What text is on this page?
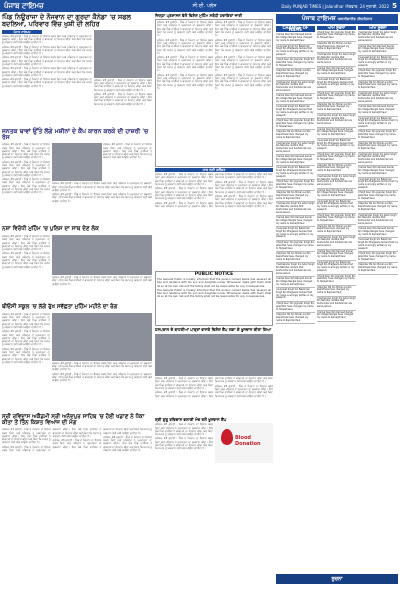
ਪੰਜਾਬ ਟਾਇਮਜ਼	ਸੀ.ਈ. ਪਲੱਸ	Daily PUNJAB TIMES | Jalandhar ਐਤਵਾਰ, 24 ਜੁਲਾਈ, 2022 5
ਪਿੰਡ ਨਿਊਰਾਜਾ ਦੇ ਨੌਜਵਾਨ ਦਾ ਗੁਰਦਾ ਕੈਨੇਡਾ 'ਚ ਸਫਲ ਬਦਲਿਆ, ਪਰਿਵਾਰ ਵਿੱਚ ਖੁਸ਼ੀ ਦੀ ਲਹਿਰ
ਪੰਜਾਬ ਟਾਇਮਜ਼

ਜਲੰਧਰ, 23 ਜੁਲਾਈ : ਪਿੰਡ ਦੇ ਨੌਜਵਾਨ ਦਾ ਇਲਾਜ ਸਫਲ ਰਿਹਾ ਅਤੇ ਪਰਿਵਾਰ ਨੇ ਪ੍ਰਮਾਤਮਾ ਦਾ ਸ਼ੁਕਰਾਨਾ ਕੀਤਾ। ਇਸ ਮੌਕੇ ਪਿੰਡ ਵਾਸੀਆਂ ਨੇ ਡਾਕਟਰਾਂ ਦਾ ਧੰਨਵਾਦ ਕੀਤਾ ਅਤੇ ਕਿਹਾ ਕਿ ਸਮਾਜ ਨੂੰ ਅੰਗਦਾਨ ਲਈ ਅੱਗੇ ਆਉਣਾ ਚਾਹੀਦਾ ਹੈ।

ਜਲੰਧਰ, 23 ਜੁਲਾਈ : ਪਿੰਡ ਦੇ ਨੌਜਵਾਨ ਦਾ ਇਲਾਜ ਸਫਲ ਰਿਹਾ ਅਤੇ ਪਰਿਵਾਰ ਨੇ ਪ੍ਰਮਾਤਮਾ ਦਾ ਸ਼ੁਕਰਾਨਾ ਕੀਤਾ। ਇਸ ਮੌਕੇ ਪਿੰਡ ਵਾਸੀਆਂ ਨੇ ਡਾਕਟਰਾਂ ਦਾ ਧੰਨਵਾਦ ਕੀਤਾ ਅਤੇ ਕਿਹਾ ਕਿ ਸਮਾਜ ਨੂੰ ਅੰਗਦਾਨ ਲਈ ਅੱਗੇ ਆਉਣਾ ਚਾਹੀਦਾ ਹੈ।

ਜਲੰਧਰ, 23 ਜੁਲਾਈ : ਪਿੰਡ ਦੇ ਨੌਜਵਾਨ ਦਾ ਇਲਾਜ ਸਫਲ ਰਿਹਾ ਅਤੇ ਪਰਿਵਾਰ ਨੇ ਪ੍ਰਮਾਤਮਾ ਦਾ ਸ਼ੁਕਰਾਨਾ ਕੀਤਾ। ਇਸ ਮੌਕੇ ਪਿੰਡ ਵਾਸੀਆਂ ਨੇ ਡਾਕਟਰਾਂ ਦਾ ਧੰਨਵਾਦ ਕੀਤਾ ਅਤੇ ਕਿਹਾ ਕਿ ਸਮਾਜ ਨੂੰ ਅੰਗਦਾਨ ਲਈ ਅੱਗੇ ਆਉਣਾ ਚਾਹੀਦਾ ਹੈ।

ਜਲੰਧਰ, 23 ਜੁਲਾਈ : ਪਿੰਡ ਦੇ ਨੌਜਵਾਨ ਦਾ ਇਲਾਜ ਸਫਲ ਰਿਹਾ ਅਤੇ ਪਰਿਵਾਰ ਨੇ ਪ੍ਰਮਾਤਮਾ ਦਾ ਸ਼ੁਕਰਾਨਾ ਕੀਤਾ। ਇਸ ਮੌਕੇ ਪਿੰਡ ਵਾਸੀਆਂ ਨੇ ਡਾਕਟਰਾਂ ਦਾ ਧੰਨਵਾਦ ਕੀਤਾ ਅਤੇ ਕਿਹਾ ਕਿ ਸਮਾਜ ਨੂੰ ਅੰਗਦਾਨ ਲਈ ਅੱਗੇ ਆਉਣਾ ਚਾਹੀਦਾ ਹੈ।

ਜਲੰਧਰ, 23 ਜੁਲਾਈ : ਪਿੰਡ ਦੇ ਨੌਜਵਾਨ ਦਾ ਇਲਾਜ ਸਫਲ ਰਿਹਾ ਅਤੇ ਪਰਿਵਾਰ ਨੇ ਪ੍ਰਮਾਤਮਾ ਦਾ ਸ਼ੁਕਰਾਨਾ ਕੀਤਾ। ਇਸ ਮੌਕੇ ਪਿੰਡ ਵਾਸੀਆਂ ਨੇ ਡਾਕਟਰਾਂ ਦਾ ਧੰਨਵਾਦ ਕੀਤਾ ਅਤੇ ਕਿਹਾ ਕਿ ਸਮਾਜ ਨੂੰ ਅੰਗਦਾਨ ਲਈ ਅੱਗੇ ਆਉਣਾ ਚਾਹੀਦਾ ਹੈ।

ਜਲੰਧਰ, 23 ਜੁਲਾਈ : ਪਿੰਡ ਦੇ ਨੌਜਵਾਨ ਦਾ ਇਲਾਜ ਸਫਲ ਰਿਹਾ ਅਤੇ ਪਰਿਵਾਰ ਨੇ ਪ੍ਰਮਾਤਮਾ ਦਾ ਸ਼ੁਕਰਾਨਾ ਕੀਤਾ। ਇਸ ਮੌਕੇ ਪਿੰਡ ਵਾਸੀਆਂ ਨੇ ਡਾਕਟਰਾਂ ਦਾ ਧੰਨਵਾਦ ਕੀਤਾ ਅਤੇ ਕਿਹਾ ਕਿ ਸਮਾਜ ਨੂੰ ਅੰਗਦਾਨ ਲਈ ਅੱਗੇ ਆਉਣਾ ਚਾਹੀਦਾ ਹੈ।

ਜਲੰਧਰ, 23 ਜੁਲਾਈ : ਪਿੰਡ ਦੇ ਨੌਜਵਾਨ ਦਾ ਇਲਾਜ ਸਫਲ ਰਿਹਾ ਅਤੇ ਪਰਿਵਾਰ ਨੇ ਪ੍ਰਮਾਤਮਾ ਦਾ ਸ਼ੁਕਰਾਨਾ ਕੀਤਾ। ਇਸ ਮੌਕੇ ਪਿੰਡ ਵਾਸੀਆਂ ਨੇ ਡਾਕਟਰਾਂ ਦਾ ਧੰਨਵਾਦ ਕੀਤਾ ਅਤੇ ਕਿਹਾ ਕਿ ਸਮਾਜ ਨੂੰ ਅੰਗਦਾਨ ਲਈ ਅੱਗੇ ਆਉਣਾ ਚਾਹੀਦਾ ਹੈ।

ਜਨਤਕ ਥਾਵਾਂ ਉੱਤੇ ਲੱਗੇ ਮਸ਼ੀਨਾਂ ਦੇ ਕੈਂਪ ਕਾਰਨ ਕਰਕੇ ਦੀ ਹਾਜ਼ਰੀ 'ਚ ਰੋਸ

ਜਲੰਧਰ, 23 ਜੁਲਾਈ : ਪਿੰਡ ਦੇ ਨੌਜਵਾਨ ਦਾ ਇਲਾਜ ਸਫਲ ਰਿਹਾ ਅਤੇ ਪਰਿਵਾਰ ਨੇ ਪ੍ਰਮਾਤਮਾ ਦਾ ਸ਼ੁਕਰਾਨਾ ਕੀਤਾ। ਇਸ ਮੌਕੇ ਪਿੰਡ ਵਾਸੀਆਂ ਨੇ ਡਾਕਟਰਾਂ ਦਾ ਧੰਨਵਾਦ ਕੀਤਾ ਅਤੇ ਕਿਹਾ ਕਿ ਸਮਾਜ ਨੂੰ ਅੰਗਦਾਨ ਲਈ ਅੱਗੇ ਆਉਣਾ ਚਾਹੀਦਾ ਹੈ।

ਜਲੰਧਰ, 23 ਜੁਲਾਈ : ਪਿੰਡ ਦੇ ਨੌਜਵਾਨ ਦਾ ਇਲਾਜ ਸਫਲ ਰਿਹਾ ਅਤੇ ਪਰਿਵਾਰ ਨੇ ਪ੍ਰਮਾਤਮਾ ਦਾ ਸ਼ੁਕਰਾਨਾ ਕੀਤਾ। ਇਸ ਮੌਕੇ ਪਿੰਡ ਵਾਸੀਆਂ ਨੇ ਡਾਕਟਰਾਂ ਦਾ ਧੰਨਵਾਦ ਕੀਤਾ ਅਤੇ ਕਿਹਾ ਕਿ ਸਮਾਜ ਨੂੰ ਅੰਗਦਾਨ ਲਈ ਅੱਗੇ ਆਉਣਾ ਚਾਹੀਦਾ ਹੈ।

ਜਲੰਧਰ, 23 ਜੁਲਾਈ : ਪਿੰਡ ਦੇ ਨੌਜਵਾਨ ਦਾ ਇਲਾਜ ਸਫਲ ਰਿਹਾ ਅਤੇ ਪਰਿਵਾਰ ਨੇ ਪ੍ਰਮਾਤਮਾ ਦਾ ਸ਼ੁਕਰਾਨਾ ਕੀਤਾ। ਇਸ ਮੌਕੇ ਪਿੰਡ ਵਾਸੀਆਂ ਨੇ ਡਾਕਟਰਾਂ ਦਾ ਧੰਨਵਾਦ ਕੀਤਾ ਅਤੇ ਕਿਹਾ ਕਿ ਸਮਾਜ ਨੂੰ ਅੰਗਦਾਨ ਲਈ ਅੱਗੇ ਆਉਣਾ ਚਾਹੀਦਾ ਹੈ।

ਜਲੰਧਰ, 23 ਜੁਲਾਈ : ਪਿੰਡ ਦੇ ਨੌਜਵਾਨ ਦਾ ਇਲਾਜ ਸਫਲ ਰਿਹਾ ਅਤੇ ਪਰਿਵਾਰ ਨੇ ਪ੍ਰਮਾਤਮਾ ਦਾ ਸ਼ੁਕਰਾਨਾ ਕੀਤਾ। ਇਸ ਮੌਕੇ ਪਿੰਡ ਵਾਸੀਆਂ ਨੇ ਡਾਕਟਰਾਂ ਦਾ ਧੰਨਵਾਦ ਕੀਤਾ ਅਤੇ ਕਿਹਾ ਕਿ ਸਮਾਜ ਨੂੰ ਅੰਗਦਾਨ ਲਈ ਅੱਗੇ ਆਉਣਾ ਚਾਹੀਦਾ ਹੈ।

ਜਲੰਧਰ, 23 ਜੁਲਾਈ : ਪਿੰਡ ਦੇ ਨੌਜਵਾਨ ਦਾ ਇਲਾਜ ਸਫਲ ਰਿਹਾ ਅਤੇ ਪਰਿਵਾਰ ਨੇ ਪ੍ਰਮਾਤਮਾ ਦਾ ਸ਼ੁਕਰਾਨਾ ਕੀਤਾ। ਇਸ ਮੌਕੇ ਪਿੰਡ ਵਾਸੀਆਂ ਨੇ ਡਾਕਟਰਾਂ ਦਾ ਧੰਨਵਾਦ ਕੀਤਾ ਅਤੇ ਕਿਹਾ ਕਿ ਸਮਾਜ ਨੂੰ ਅੰਗਦਾਨ ਲਈ ਅੱਗੇ ਆਉਣਾ ਚਾਹੀਦਾ ਹੈ।

ਜਲੰਧਰ, 23 ਜੁਲਾਈ : ਪਿੰਡ ਦੇ ਨੌਜਵਾਨ ਦਾ ਇਲਾਜ ਸਫਲ ਰਿਹਾ ਅਤੇ ਪਰਿਵਾਰ ਨੇ ਪ੍ਰਮਾਤਮਾ ਦਾ ਸ਼ੁਕਰਾਨਾ ਕੀਤਾ। ਇਸ ਮੌਕੇ ਪਿੰਡ ਵਾਸੀਆਂ ਨੇ ਡਾਕਟਰਾਂ ਦਾ ਧੰਨਵਾਦ ਕੀਤਾ ਅਤੇ ਕਿਹਾ ਕਿ ਸਮਾਜ ਨੂੰ ਅੰਗਦਾਨ ਲਈ ਅੱਗੇ ਆਉਣਾ ਚਾਹੀਦਾ ਹੈ।

ਨਸ਼ਾ ਵਿਰੋਧੀ ਮੁਹਿੰਮ 'ਚ ਪੁਲਿਸ ਦਾ ਸਾਥ ਦੇਣ ਲੋਕ

ਜਲੰਧਰ, 23 ਜੁਲਾਈ : ਪਿੰਡ ਦੇ ਨੌਜਵਾਨ ਦਾ ਇਲਾਜ ਸਫਲ ਰਿਹਾ ਅਤੇ ਪਰਿਵਾਰ ਨੇ ਪ੍ਰਮਾਤਮਾ ਦਾ ਸ਼ੁਕਰਾਨਾ ਕੀਤਾ। ਇਸ ਮੌਕੇ ਪਿੰਡ ਵਾਸੀਆਂ ਨੇ ਡਾਕਟਰਾਂ ਦਾ ਧੰਨਵਾਦ ਕੀਤਾ ਅਤੇ ਕਿਹਾ ਕਿ ਸਮਾਜ ਨੂੰ ਅੰਗਦਾਨ ਲਈ ਅੱਗੇ ਆਉਣਾ ਚਾਹੀਦਾ ਹੈ।

ਜਲੰਧਰ, 23 ਜੁਲਾਈ : ਪਿੰਡ ਦੇ ਨੌਜਵਾਨ ਦਾ ਇਲਾਜ ਸਫਲ ਰਿਹਾ ਅਤੇ ਪਰਿਵਾਰ ਨੇ ਪ੍ਰਮਾਤਮਾ ਦਾ ਸ਼ੁਕਰਾਨਾ ਕੀਤਾ। ਇਸ ਮੌਕੇ ਪਿੰਡ ਵਾਸੀਆਂ ਨੇ ਡਾਕਟਰਾਂ ਦਾ ਧੰਨਵਾਦ ਕੀਤਾ ਅਤੇ ਕਿਹਾ ਕਿ ਸਮਾਜ ਨੂੰ ਅੰਗਦਾਨ ਲਈ ਅੱਗੇ ਆਉਣਾ ਚਾਹੀਦਾ ਹੈ।

ਜਲੰਧਰ, 23 ਜੁਲਾਈ : ਪਿੰਡ ਦੇ ਨੌਜਵਾਨ ਦਾ ਇਲਾਜ ਸਫਲ ਰਿਹਾ ਅਤੇ ਪਰਿਵਾਰ ਨੇ ਪ੍ਰਮਾਤਮਾ ਦਾ ਸ਼ੁਕਰਾਨਾ ਕੀਤਾ। ਇਸ ਮੌਕੇ ਪਿੰਡ ਵਾਸੀਆਂ ਨੇ ਡਾਕਟਰਾਂ ਦਾ ਧੰਨਵਾਦ ਕੀਤਾ ਅਤੇ ਕਿਹਾ ਕਿ ਸਮਾਜ ਨੂੰ ਅੰਗਦਾਨ ਲਈ ਅੱਗੇ ਆਉਣਾ ਚਾਹੀਦਾ ਹੈ।

ਬੀਓਸੀ ਸਕੂਲ 'ਚ ਲੱਗੇ ਰੁੱਖ ਸਵੱਛਤਾ ਮੁਹਿੰਮ ਮਹੀਨੇ ਦਾ ਰੰਗ

ਜਲੰਧਰ, 23 ਜੁਲਾਈ : ਪਿੰਡ ਦੇ ਨੌਜਵਾਨ ਦਾ ਇਲਾਜ ਸਫਲ ਰਿਹਾ ਅਤੇ ਪਰਿਵਾਰ ਨੇ ਪ੍ਰਮਾਤਮਾ ਦਾ ਸ਼ੁਕਰਾਨਾ ਕੀਤਾ। ਇਸ ਮੌਕੇ ਪਿੰਡ ਵਾਸੀਆਂ ਨੇ ਡਾਕਟਰਾਂ ਦਾ ਧੰਨਵਾਦ ਕੀਤਾ ਅਤੇ ਕਿਹਾ ਕਿ ਸਮਾਜ ਨੂੰ ਅੰਗਦਾਨ ਲਈ ਅੱਗੇ ਆਉਣਾ ਚਾਹੀਦਾ ਹੈ।

ਜਲੰਧਰ, 23 ਜੁਲਾਈ : ਪਿੰਡ ਦੇ ਨੌਜਵਾਨ ਦਾ ਇਲਾਜ ਸਫਲ ਰਿਹਾ ਅਤੇ ਪਰਿਵਾਰ ਨੇ ਪ੍ਰਮਾਤਮਾ ਦਾ ਸ਼ੁਕਰਾਨਾ ਕੀਤਾ। ਇਸ ਮੌਕੇ ਪਿੰਡ ਵਾਸੀਆਂ ਨੇ ਡਾਕਟਰਾਂ ਦਾ ਧੰਨਵਾਦ ਕੀਤਾ ਅਤੇ ਕਿਹਾ ਕਿ ਸਮਾਜ ਨੂੰ ਅੰਗਦਾਨ ਲਈ ਅੱਗੇ ਆਉਣਾ ਚਾਹੀਦਾ ਹੈ।

ਜਲੰਧਰ, 23 ਜੁਲਾਈ : ਪਿੰਡ ਦੇ ਨੌਜਵਾਨ ਦਾ ਇਲਾਜ ਸਫਲ ਰਿਹਾ ਅਤੇ ਪਰਿਵਾਰ ਨੇ ਪ੍ਰਮਾਤਮਾ ਦਾ ਸ਼ੁਕਰਾਨਾ ਕੀਤਾ। ਇਸ ਮੌਕੇ ਪਿੰਡ ਵਾਸੀਆਂ ਨੇ ਡਾਕਟਰਾਂ ਦਾ ਧੰਨਵਾਦ ਕੀਤਾ ਅਤੇ ਕਿਹਾ ਕਿ ਸਮਾਜ ਨੂੰ ਅੰਗਦਾਨ ਲਈ ਅੱਗੇ ਆਉਣਾ ਚਾਹੀਦਾ ਹੈ।	ਜਲੰਧਰ, 23 ਜੁਲਾਈ : ਪਿੰਡ ਦੇ ਨੌਜਵਾਨ ਦਾ ਇਲਾਜ ਸਫਲ ਰਿਹਾ ਅਤੇ ਪਰਿਵਾਰ ਨੇ ਪ੍ਰਮਾਤਮਾ ਦਾ ਸ਼ੁਕਰਾਨਾ ਕੀਤਾ। ਇਸ ਮੌਕੇ ਪਿੰਡ ਵਾਸੀਆਂ ਨੇ ਡਾਕਟਰਾਂ ਦਾ ਧੰਨਵਾਦ ਕੀਤਾ ਅਤੇ ਕਿਹਾ ਕਿ ਸਮਾਜ ਨੂੰ ਅੰਗਦਾਨ ਲਈ ਅੱਗੇ ਆਉਣਾ ਚਾਹੀਦਾ ਹੈ।

ਜਲੰਧਰ, 23 ਜੁਲਾਈ : ਪਿੰਡ ਦੇ ਨੌਜਵਾਨ ਦਾ ਇਲਾਜ ਸਫਲ ਰਿਹਾ ਅਤੇ ਪਰਿਵਾਰ ਨੇ ਪ੍ਰਮਾਤਮਾ ਦਾ ਸ਼ੁਕਰਾਨਾ ਕੀਤਾ। ਇਸ ਮੌਕੇ ਪਿੰਡ ਵਾਸੀਆਂ ਨੇ ਡਾਕਟਰਾਂ ਦਾ ਧੰਨਵਾਦ ਕੀਤਾ ਅਤੇ ਕਿਹਾ ਕਿ ਸਮਾਜ ਨੂੰ ਅੰਗਦਾਨ ਲਈ ਅੱਗੇ ਆਉਣਾ ਚਾਹੀਦਾ ਹੈ।

ਸ੍ਰੀ ਰਵਿਦਾਸ ਅਕੈਡਮੀ ਸ੍ਰੀ ਅਨੰਦਪੁਰ ਸਾਹਿਬ 'ਚ ਹੋਈ ਖਡਾਣ ਨੇ ਧੋਕਾ ਕੀਤਾ ਤੋਂ ਤਿੰਨ ਕਿਸ਼ਤ ਵਿਆਜ ਦੀ ਮੰਗ

ਜਲੰਧਰ, 23 ਜੁਲਾਈ : ਪਿੰਡ ਦੇ ਨੌਜਵਾਨ ਦਾ ਇਲਾਜ ਸਫਲ ਰਿਹਾ ਅਤੇ ਪਰਿਵਾਰ ਨੇ ਪ੍ਰਮਾਤਮਾ ਦਾ ਸ਼ੁਕਰਾਨਾ ਕੀਤਾ। ਇਸ ਮੌਕੇ ਪਿੰਡ ਵਾਸੀਆਂ ਨੇ ਡਾਕਟਰਾਂ ਦਾ ਧੰਨਵਾਦ ਕੀਤਾ ਅਤੇ ਕਿਹਾ ਕਿ ਸਮਾਜ ਨੂੰ ਅੰਗਦਾਨ ਲਈ ਅੱਗੇ ਆਉਣਾ ਚਾਹੀਦਾ ਹੈ।

ਜਲੰਧਰ, 23 ਜੁਲਾਈ : ਪਿੰਡ ਦੇ ਨੌਜਵਾਨ ਦਾ ਇਲਾਜ ਸਫਲ ਰਿਹਾ ਅਤੇ ਪਰਿਵਾਰ ਨੇ ਪ੍ਰਮਾਤਮਾ ਦਾ ਸ਼ੁਕਰਾਨਾ ਕੀਤਾ। ਇਸ ਮੌਕੇ ਪਿੰਡ ਵਾਸੀਆਂ ਨੇ ਡਾਕਟਰਾਂ ਦਾ ਧੰਨਵਾਦ ਕੀਤਾ ਅਤੇ ਕਿਹਾ ਕਿ ਸਮਾਜ ਨੂੰ ਅੰਗਦਾਨ ਲਈ ਅੱਗੇ ਆਉਣਾ ਚਾਹੀਦਾ ਹੈ।

ਜਲੰਧਰ, 23 ਜੁਲਾਈ : ਪਿੰਡ ਦੇ ਨੌਜਵਾਨ ਦਾ ਇਲਾਜ ਸਫਲ ਰਿਹਾ ਅਤੇ ਪਰਿਵਾਰ ਨੇ ਪ੍ਰਮਾਤਮਾ ਦਾ ਸ਼ੁਕਰਾਨਾ ਕੀਤਾ। ਇਸ ਮੌਕੇ ਪਿੰਡ ਵਾਸੀਆਂ ਨੇ ਡਾਕਟਰਾਂ ਦਾ ਧੰਨਵਾਦ ਕੀਤਾ ਅਤੇ ਕਿਹਾ ਕਿ ਸਮਾਜ ਨੂੰ ਅੰਗਦਾਨ ਲਈ ਅੱਗੇ ਆਉਣਾ ਚਾਹੀਦਾ ਹੈ।

ਜਲੰਧਰ, 23 ਜੁਲਾਈ : ਪਿੰਡ ਦੇ ਨੌਜਵਾਨ ਦਾ ਇਲਾਜ ਸਫਲ ਰਿਹਾ ਅਤੇ ਪਰਿਵਾਰ ਨੇ ਪ੍ਰਮਾਤਮਾ ਦਾ ਸ਼ੁਕਰਾਨਾ ਕੀਤਾ। ਇਸ ਮੌਕੇ ਪਿੰਡ ਵਾਸੀਆਂ ਨੇ ਡਾਕਟਰਾਂ ਦਾ ਧੰਨਵਾਦ ਕੀਤਾ ਅਤੇ ਕਿਹਾ ਕਿ ਸਮਾਜ ਨੂੰ ਅੰਗਦਾਨ ਲਈ ਅੱਗੇ ਆਉਣਾ ਚਾਹੀਦਾ ਹੈ।

ਜ਼ਿਲ੍ਹਾ ਪ੍ਰਸ਼ਾਸਨ ਵੱਲੋਂ ਵਿਸ਼ੇਸ਼ ਮੁਹਿੰਮ ਸਬੰਧੀ ਹਦਾਇਤਾਂ ਜਾਰੀ

ਜਲੰਧਰ, 23 ਜੁਲਾਈ : ਪਿੰਡ ਦੇ ਨੌਜਵਾਨ ਦਾ ਇਲਾਜ ਸਫਲ ਰਿਹਾ ਅਤੇ ਪਰਿਵਾਰ ਨੇ ਪ੍ਰਮਾਤਮਾ ਦਾ ਸ਼ੁਕਰਾਨਾ ਕੀਤਾ। ਇਸ ਮੌਕੇ ਪਿੰਡ ਵਾਸੀਆਂ ਨੇ ਡਾਕਟਰਾਂ ਦਾ ਧੰਨਵਾਦ ਕੀਤਾ ਅਤੇ ਕਿਹਾ ਕਿ ਸਮਾਜ ਨੂੰ ਅੰਗਦਾਨ ਲਈ ਅੱਗੇ ਆਉਣਾ ਚਾਹੀਦਾ ਹੈ।

ਜਲੰਧਰ, 23 ਜੁਲਾਈ : ਪਿੰਡ ਦੇ ਨੌਜਵਾਨ ਦਾ ਇਲਾਜ ਸਫਲ ਰਿਹਾ ਅਤੇ ਪਰਿਵਾਰ ਨੇ ਪ੍ਰਮਾਤਮਾ ਦਾ ਸ਼ੁਕਰਾਨਾ ਕੀਤਾ। ਇਸ ਮੌਕੇ ਪਿੰਡ ਵਾਸੀਆਂ ਨੇ ਡਾਕਟਰਾਂ ਦਾ ਧੰਨਵਾਦ ਕੀਤਾ ਅਤੇ ਕਿਹਾ ਕਿ ਸਮਾਜ ਨੂੰ ਅੰਗਦਾਨ ਲਈ ਅੱਗੇ ਆਉਣਾ ਚਾਹੀਦਾ ਹੈ।

ਜਲੰਧਰ, 23 ਜੁਲਾਈ : ਪਿੰਡ ਦੇ ਨੌਜਵਾਨ ਦਾ ਇਲਾਜ ਸਫਲ ਰਿਹਾ ਅਤੇ ਪਰਿਵਾਰ ਨੇ ਪ੍ਰਮਾਤਮਾ ਦਾ ਸ਼ੁਕਰਾਨਾ ਕੀਤਾ। ਇਸ ਮੌਕੇ ਪਿੰਡ ਵਾਸੀਆਂ ਨੇ ਡਾਕਟਰਾਂ ਦਾ ਧੰਨਵਾਦ ਕੀਤਾ ਅਤੇ ਕਿਹਾ ਕਿ ਸਮਾਜ ਨੂੰ ਅੰਗਦਾਨ ਲਈ ਅੱਗੇ ਆਉਣਾ ਚਾਹੀਦਾ ਹੈ।

ਜਲੰਧਰ, 23 ਜੁਲਾਈ : ਪਿੰਡ ਦੇ ਨੌਜਵਾਨ ਦਾ ਇਲਾਜ ਸਫਲ ਰਿਹਾ ਅਤੇ ਪਰਿਵਾਰ ਨੇ ਪ੍ਰਮਾਤਮਾ ਦਾ ਸ਼ੁਕਰਾਨਾ ਕੀਤਾ। ਇਸ ਮੌਕੇ ਪਿੰਡ ਵਾਸੀਆਂ ਨੇ ਡਾਕਟਰਾਂ ਦਾ ਧੰਨਵਾਦ ਕੀਤਾ ਅਤੇ ਕਿਹਾ ਕਿ ਸਮਾਜ ਨੂੰ ਅੰਗਦਾਨ ਲਈ ਅੱਗੇ ਆਉਣਾ ਚਾਹੀਦਾ ਹੈ।

ਜਲੰਧਰ, 23 ਜੁਲਾਈ : ਪਿੰਡ ਦੇ ਨੌਜਵਾਨ ਦਾ ਇਲਾਜ ਸਫਲ ਰਿਹਾ ਅਤੇ ਪਰਿਵਾਰ ਨੇ ਪ੍ਰਮਾਤਮਾ ਦਾ ਸ਼ੁਕਰਾਨਾ ਕੀਤਾ। ਇਸ ਮੌਕੇ ਪਿੰਡ ਵਾਸੀਆਂ ਨੇ ਡਾਕਟਰਾਂ ਦਾ ਧੰਨਵਾਦ ਕੀਤਾ ਅਤੇ ਕਿਹਾ ਕਿ ਸਮਾਜ ਨੂੰ ਅੰਗਦਾਨ ਲਈ ਅੱਗੇ ਆਉਣਾ ਚਾਹੀਦਾ ਹੈ।

ਜਲੰਧਰ, 23 ਜੁਲਾਈ : ਪਿੰਡ ਦੇ ਨੌਜਵਾਨ ਦਾ ਇਲਾਜ ਸਫਲ ਰਿਹਾ ਅਤੇ ਪਰਿਵਾਰ ਨੇ ਪ੍ਰਮਾਤਮਾ ਦਾ ਸ਼ੁਕਰਾਨਾ ਕੀਤਾ। ਇਸ ਮੌਕੇ ਪਿੰਡ ਵਾਸੀਆਂ ਨੇ ਡਾਕਟਰਾਂ ਦਾ ਧੰਨਵਾਦ ਕੀਤਾ ਅਤੇ ਕਿਹਾ ਕਿ ਸਮਾਜ ਨੂੰ ਅੰਗਦਾਨ ਲਈ ਅੱਗੇ ਆਉਣਾ ਚਾਹੀਦਾ ਹੈ।

ਜਲੰਧਰ, 23 ਜੁਲਾਈ : ਪਿੰਡ ਦੇ ਨੌਜਵਾਨ ਦਾ ਇਲਾਜ ਸਫਲ ਰਿਹਾ ਅਤੇ ਪਰਿਵਾਰ ਨੇ ਪ੍ਰਮਾਤਮਾ ਦਾ ਸ਼ੁਕਰਾਨਾ ਕੀਤਾ। ਇਸ ਮੌਕੇ ਪਿੰਡ ਵਾਸੀਆਂ ਨੇ ਡਾਕਟਰਾਂ ਦਾ ਧੰਨਵਾਦ ਕੀਤਾ ਅਤੇ ਕਿਹਾ ਕਿ ਸਮਾਜ ਨੂੰ ਅੰਗਦਾਨ ਲਈ ਅੱਗੇ ਆਉਣਾ ਚਾਹੀਦਾ ਹੈ।

ਜਲੰਧਰ, 23 ਜੁਲਾਈ : ਪਿੰਡ ਦੇ ਨੌਜਵਾਨ ਦਾ ਇਲਾਜ ਸਫਲ ਰਿਹਾ ਅਤੇ ਪਰਿਵਾਰ ਨੇ ਪ੍ਰਮਾਤਮਾ ਦਾ ਸ਼ੁਕਰਾਨਾ ਕੀਤਾ। ਇਸ ਮੌਕੇ ਪਿੰਡ ਵਾਸੀਆਂ ਨੇ ਡਾਕਟਰਾਂ ਦਾ ਧੰਨਵਾਦ ਕੀਤਾ ਅਤੇ ਕਿਹਾ ਕਿ ਸਮਾਜ ਨੂੰ ਅੰਗਦਾਨ ਲਈ ਅੱਗੇ ਆਉਣਾ ਚਾਹੀਦਾ ਹੈ।

ਜਾਬ ਲਈ ਗਲੈਂਡਰ

ਜਲੰਧਰ, 23 ਜੁਲਾਈ : ਪਿੰਡ ਦੇ ਨੌਜਵਾਨ ਦਾ ਇਲਾਜ ਸਫਲ ਰਿਹਾ ਅਤੇ ਪਰਿਵਾਰ ਨੇ ਪ੍ਰਮਾਤਮਾ ਦਾ ਸ਼ੁਕਰਾਨਾ ਕੀਤਾ। ਇਸ ਮੌਕੇ ਪਿੰਡ ਵਾਸੀਆਂ ਨੇ ਡਾਕਟਰਾਂ ਦਾ ਧੰਨਵਾਦ ਕੀਤਾ ਅਤੇ ਕਿਹਾ ਕਿ ਸਮਾਜ ਨੂੰ ਅੰਗਦਾਨ ਲਈ ਅੱਗੇ ਆਉਣਾ ਚਾਹੀਦਾ ਹੈ।

ਜਲੰਧਰ, 23 ਜੁਲਾਈ : ਪਿੰਡ ਦੇ ਨੌਜਵਾਨ ਦਾ ਇਲਾਜ ਸਫਲ ਰਿਹਾ ਅਤੇ ਪਰਿਵਾਰ ਨੇ ਪ੍ਰਮਾਤਮਾ ਦਾ ਸ਼ੁਕਰਾਨਾ ਕੀਤਾ। ਇਸ ਮੌਕੇ ਪਿੰਡ ਵਾਸੀਆਂ ਨੇ ਡਾਕਟਰਾਂ ਦਾ ਧੰਨਵਾਦ ਕੀਤਾ ਅਤੇ ਕਿਹਾ ਕਿ ਸਮਾਜ ਨੂੰ ਅੰਗਦਾਨ ਲਈ ਅੱਗੇ ਆਉਣਾ ਚਾਹੀਦਾ ਹੈ।

ਜਲੰਧਰ, 23 ਜੁਲਾਈ : ਪਿੰਡ ਦੇ ਨੌਜਵਾਨ ਦਾ ਇਲਾਜ ਸਫਲ ਰਿਹਾ ਅਤੇ ਪਰਿਵਾਰ ਨੇ ਪ੍ਰਮਾਤਮਾ ਦਾ ਸ਼ੁਕਰਾਨਾ ਕੀਤਾ। ਇਸ ਮੌਕੇ ਪਿੰਡ ਵਾਸੀਆਂ ਨੇ ਡਾਕਟਰਾਂ ਦਾ ਧੰਨਵਾਦ ਕੀਤਾ ਅਤੇ ਕਿਹਾ ਕਿ ਸਮਾਜ ਨੂੰ ਅੰਗਦਾਨ ਲਈ ਅੱਗੇ ਆਉਣਾ ਚਾਹੀਦਾ ਹੈ।

ਜਲੰਧਰ, 23 ਜੁਲਾਈ : ਪਿੰਡ ਦੇ ਨੌਜਵਾਨ ਦਾ ਇਲਾਜ ਸਫਲ ਰਿਹਾ ਅਤੇ ਪਰਿਵਾਰ ਨੇ ਪ੍ਰਮਾਤਮਾ ਦਾ ਸ਼ੁਕਰਾਨਾ ਕੀਤਾ। ਇਸ ਮੌਕੇ ਪਿੰਡ ਵਾਸੀਆਂ ਨੇ ਡਾਕਟਰਾਂ ਦਾ ਧੰਨਵਾਦ ਕੀਤਾ ਅਤੇ ਕਿਹਾ ਕਿ ਸਮਾਜ ਨੂੰ ਅੰਗਦਾਨ ਲਈ ਅੱਗੇ ਆਉਣਾ ਚਾਹੀਦਾ ਹੈ।

ਜਲੰਧਰ, 23 ਜੁਲਾਈ : ਪਿੰਡ ਦੇ ਨੌਜਵਾਨ ਦਾ ਇਲਾਜ ਸਫਲ ਰਿਹਾ ਅਤੇ ਪਰਿਵਾਰ ਨੇ ਪ੍ਰਮਾਤਮਾ ਦਾ ਸ਼ੁਕਰਾਨਾ ਕੀਤਾ। ਇਸ ਮੌਕੇ ਪਿੰਡ ਵਾਸੀਆਂ ਨੇ ਡਾਕਟਰਾਂ ਦਾ ਧੰਨਵਾਦ ਕੀਤਾ ਅਤੇ ਕਿਹਾ ਕਿ ਸਮਾਜ ਨੂੰ ਅੰਗਦਾਨ ਲਈ ਅੱਗੇ ਆਉਣਾ ਚਾਹੀਦਾ ਹੈ।

PUBLIC NOTICE

The General Public is hereby informed that the person named below has severed all ties and relations with his son and daughter-in-law. Whosoever deals with them shall do so at his own risk and the family shall not be responsible for any consequences.

The General Public is hereby informed that the person named below has severed all ties and relations with his son and daughter-in-law. Whosoever deals with them shall do so at his own risk and the family shall not be responsible for any consequences.

ਹਸਪਤਾਲ ਦੇ ਬਾਹਰੀਆਂ ਪਾਤ੍ਰਾਂ ਵਾਸਤੇ ਵਿਸ਼ੇਸ਼ ਕੈਂਪ ਲਗਾ ਕੇ ਖੂਨਦਾਨ ਕੀਤਾ ਗਿਆ

ਜਲੰਧਰ, 23 ਜੁਲਾਈ : ਪਿੰਡ ਦੇ ਨੌਜਵਾਨ ਦਾ ਇਲਾਜ ਸਫਲ ਰਿਹਾ ਅਤੇ ਪਰਿਵਾਰ ਨੇ ਪ੍ਰਮਾਤਮਾ ਦਾ ਸ਼ੁਕਰਾਨਾ ਕੀਤਾ। ਇਸ ਮੌਕੇ ਪਿੰਡ ਵਾਸੀਆਂ ਨੇ ਡਾਕਟਰਾਂ ਦਾ ਧੰਨਵਾਦ ਕੀਤਾ ਅਤੇ ਕਿਹਾ ਕਿ ਸਮਾਜ ਨੂੰ ਅੰਗਦਾਨ ਲਈ ਅੱਗੇ ਆਉਣਾ ਚਾਹੀਦਾ ਹੈ।

ਜਲੰਧਰ, 23 ਜੁਲਾਈ : ਪਿੰਡ ਦੇ ਨੌਜਵਾਨ ਦਾ ਇਲਾਜ ਸਫਲ ਰਿਹਾ ਅਤੇ ਪਰਿਵਾਰ ਨੇ ਪ੍ਰਮਾਤਮਾ ਦਾ ਸ਼ੁਕਰਾਨਾ ਕੀਤਾ। ਇਸ ਮੌਕੇ ਪਿੰਡ ਵਾਸੀਆਂ ਨੇ ਡਾਕਟਰਾਂ ਦਾ ਧੰਨਵਾਦ ਕੀਤਾ ਅਤੇ ਕਿਹਾ ਕਿ ਸਮਾਜ ਨੂੰ ਅੰਗਦਾਨ ਲਈ ਅੱਗੇ ਆਉਣਾ ਚਾਹੀਦਾ ਹੈ।

ਜਲੰਧਰ, 23 ਜੁਲਾਈ : ਪਿੰਡ ਦੇ ਨੌਜਵਾਨ ਦਾ ਇਲਾਜ ਸਫਲ ਰਿਹਾ ਅਤੇ ਪਰਿਵਾਰ ਨੇ ਪ੍ਰਮਾਤਮਾ ਦਾ ਸ਼ੁਕਰਾਨਾ ਕੀਤਾ। ਇਸ ਮੌਕੇ ਪਿੰਡ ਵਾਸੀਆਂ ਨੇ ਡਾਕਟਰਾਂ ਦਾ ਧੰਨਵਾਦ ਕੀਤਾ ਅਤੇ ਕਿਹਾ ਕਿ ਸਮਾਜ ਨੂੰ ਅੰਗਦਾਨ ਲਈ ਅੱਗੇ ਆਉਣਾ ਚਾਹੀਦਾ ਹੈ।

ਸ਼੍ਰੀ ਗੁਰੂ ਰਵਿਦਾਸ ਭਲਾਈ ਮੰਚ ਵਲੋਂ ਖੂਨਦਾਨ ਕੈਂਪ

ਜਲੰਧਰ, 23 ਜੁਲਾਈ : ਪਿੰਡ ਦੇ ਨੌਜਵਾਨ ਦਾ ਇਲਾਜ ਸਫਲ ਰਿਹਾ ਅਤੇ ਪਰਿਵਾਰ ਨੇ ਪ੍ਰਮਾਤਮਾ ਦਾ ਸ਼ੁਕਰਾਨਾ ਕੀਤਾ। ਇਸ ਮੌਕੇ ਪਿੰਡ ਵਾਸੀਆਂ ਨੇ ਡਾਕਟਰਾਂ ਦਾ ਧੰਨਵਾਦ ਕੀਤਾ ਅਤੇ ਕਿਹਾ ਕਿ ਸਮਾਜ ਨੂੰ ਅੰਗਦਾਨ ਲਈ ਅੱਗੇ ਆਉਣਾ ਚਾਹੀਦਾ ਹੈ।

ਜਲੰਧਰ, 23 ਜੁਲਾਈ : ਪਿੰਡ ਦੇ ਨੌਜਵਾਨ ਦਾ ਇਲਾਜ ਸਫਲ ਰਿਹਾ ਅਤੇ ਪਰਿਵਾਰ ਨੇ ਪ੍ਰਮਾਤਮਾ ਦਾ ਸ਼ੁਕਰਾਨਾ ਕੀਤਾ। ਇਸ ਮੌਕੇ ਪਿੰਡ ਵਾਸੀਆਂ ਨੇ ਡਾਕਟਰਾਂ ਦਾ ਧੰਨਵਾਦ ਕੀਤਾ ਅਤੇ ਕਿਹਾ ਕਿ ਸਮਾਜ ਨੂੰ ਅੰਗਦਾਨ ਲਈ ਅੱਗੇ ਆਉਣਾ ਚਾਹੀਦਾ ਹੈ।

Blood Donation
ਪੰਜਾਬ ਟਾਇਮਜ਼ ਕਲਾਸੀਫਾਈਡ /ਇਸ਼ਤਿਹਾਰ
CHANGE OF NAME
I Kamal Devi W/o Ramesh Kumar R/o Village Nangal have changed my name to Kamaljit Kaur.
I Gurpreet Singh S/o Balwinder Singh R/o Phagwara declare that my name is wrongly written in my passport.
I Harjit Kaur D/o Joginder Singh R/o Jalandhar have changed my name to Harjeet Kaur.
I Rajinder Pal S/o Mohan Lal R/o Kapurthala have changed my name to Rajinder Paul.
I Sukhwinder Singh S/o Avtar Singh R/o Nakodar declare that Sukhvinder and Sukhwinder are same person.
I Kamal Devi W/o Ramesh Kumar R/o Village Nangal have changed my name to Kamaljit Kaur.
I Gurpreet Singh S/o Balwinder Singh R/o Phagwara declare that my name is wrongly written in my passport.
I Harjit Kaur D/o Joginder Singh R/o Jalandhar have changed my name to Harjeet Kaur.
I Rajinder Pal S/o Mohan Lal R/o Kapurthala have changed my name to Rajinder Paul.
I Sukhwinder Singh S/o Avtar Singh R/o Nakodar declare that Sukhvinder and Sukhwinder are same person.
I Kamal Devi W/o Ramesh Kumar R/o Village Nangal have changed my name to Kamaljit Kaur.
I Gurpreet Singh S/o Balwinder Singh R/o Phagwara declare that my name is wrongly written in my passport.
I Harjit Kaur D/o Joginder Singh R/o Jalandhar have changed my name to Harjeet Kaur.
I Rajinder Pal S/o Mohan Lal R/o Kapurthala have changed my name to Rajinder Paul.
I Sukhwinder Singh S/o Avtar Singh R/o Nakodar declare that Sukhvinder and Sukhwinder are same person.
I Kamal Devi W/o Ramesh Kumar R/o Village Nangal have changed my name to Kamaljit Kaur.
I Gurpreet Singh S/o Balwinder Singh R/o Phagwara declare that my name is wrongly written in my passport.
I Harjit Kaur D/o Joginder Singh R/o Jalandhar have changed my name to Harjeet Kaur.
I Rajinder Pal S/o Mohan Lal R/o Kapurthala have changed my name to Rajinder Paul.
I Sukhwinder Singh S/o Avtar Singh R/o Nakodar declare that Sukhvinder and Sukhwinder are same person.
I Kamal Devi W/o Ramesh Kumar R/o Village Nangal have changed my name to Kamaljit Kaur.
I Gurpreet Singh S/o Balwinder Singh R/o Phagwara declare that my name is wrongly written in my passport.
I Harjit Kaur D/o Joginder Singh R/o Jalandhar have changed my name to Harjeet Kaur.
I Rajinder Pal S/o Mohan Lal R/o Kapurthala have changed my name to Rajinder Paul.
ਆਮ ਸੂਚਨਾ
I Harjit Kaur D/o Joginder Singh R/o Jalandhar have changed my name to Harjeet Kaur.
I Rajinder Pal S/o Mohan Lal R/o Kapurthala have changed my name to Rajinder Paul.
I Sukhwinder Singh S/o Avtar Singh R/o Nakodar declare that Sukhvinder and Sukhwinder are same person.
I Kamal Devi W/o Ramesh Kumar R/o Village Nangal have changed my name to Kamaljit Kaur.
I Gurpreet Singh S/o Balwinder Singh R/o Phagwara declare that my name is wrongly written in my passport.
I Harjit Kaur D/o Joginder Singh R/o Jalandhar have changed my name to Harjeet Kaur.
I Rajinder Pal S/o Mohan Lal R/o Kapurthala have changed my name to Rajinder Paul.
I Sukhwinder Singh S/o Avtar Singh R/o Nakodar declare that Sukhvinder and Sukhwinder are same person.
I Kamal Devi W/o Ramesh Kumar R/o Village Nangal have changed my name to Kamaljit Kaur.
I Gurpreet Singh S/o Balwinder Singh R/o Phagwara declare that my name is wrongly written in my passport.
I Harjit Kaur D/o Joginder Singh R/o Jalandhar have changed my name to Harjeet Kaur.
I Rajinder Pal S/o Mohan Lal R/o Kapurthala have changed my name to Rajinder Paul.
I Sukhwinder Singh S/o Avtar Singh R/o Nakodar declare that Sukhvinder and Sukhwinder are same person.
I Kamal Devi W/o Ramesh Kumar R/o Village Nangal have changed my name to Kamaljit Kaur.
I Gurpreet Singh S/o Balwinder Singh R/o Phagwara declare that my name is wrongly written in my passport.
I Harjit Kaur D/o Joginder Singh R/o Jalandhar have changed my name to Harjeet Kaur.
I Rajinder Pal S/o Mohan Lal R/o Kapurthala have changed my name to Rajinder Paul.
I Sukhwinder Singh S/o Avtar Singh R/o Nakodar declare that Sukhvinder and Sukhwinder are same person.
I Kamal Devi W/o Ramesh Kumar R/o Village Nangal have changed my name to Kamaljit Kaur.
I Gurpreet Singh S/o Balwinder Singh R/o Phagwara declare that my name is wrongly written in my passport.
I Harjit Kaur D/o Joginder Singh R/o Jalandhar have changed my name to Harjeet Kaur.
I Rajinder Pal S/o Mohan Lal R/o Kapurthala have changed my name to Rajinder Paul.
I Sukhwinder Singh S/o Avtar Singh R/o Nakodar declare that Sukhvinder and Sukhwinder are same person.
I Kamal Devi W/o Ramesh Kumar R/o Village Nangal have changed my name to Kamaljit Kaur.
ਆਮ ਸੂਚਨਾ
I Sukhwinder Singh S/o Avtar Singh R/o Nakodar declare that Sukhvinder and Sukhwinder are same person.
I Kamal Devi W/o Ramesh Kumar R/o Village Nangal have changed my name to Kamaljit Kaur.
I Gurpreet Singh S/o Balwinder Singh R/o Phagwara declare that my name is wrongly written in my passport.
I Harjit Kaur D/o Joginder Singh R/o Jalandhar have changed my name to Harjeet Kaur.
I Rajinder Pal S/o Mohan Lal R/o Kapurthala have changed my name to Rajinder Paul.
I Sukhwinder Singh S/o Avtar Singh R/o Nakodar declare that Sukhvinder and Sukhwinder are same person.
I Kamal Devi W/o Ramesh Kumar R/o Village Nangal have changed my name to Kamaljit Kaur.
I Gurpreet Singh S/o Balwinder Singh R/o Phagwara declare that my name is wrongly written in my passport.
I Harjit Kaur D/o Joginder Singh R/o Jalandhar have changed my name to Harjeet Kaur.
I Rajinder Pal S/o Mohan Lal R/o Kapurthala have changed my name to Rajinder Paul.
I Sukhwinder Singh S/o Avtar Singh R/o Nakodar declare that Sukhvinder and Sukhwinder are same person.
I Kamal Devi W/o Ramesh Kumar R/o Village Nangal have changed my name to Kamaljit Kaur.
I Gurpreet Singh S/o Balwinder Singh R/o Phagwara declare that my name is wrongly written in my passport.
I Harjit Kaur D/o Joginder Singh R/o Jalandhar have changed my name to Harjeet Kaur.
I Rajinder Pal S/o Mohan Lal R/o Kapurthala have changed my name to Rajinder Paul.
I Sukhwinder Singh S/o Avtar Singh R/o Nakodar declare that Sukhvinder and Sukhwinder are same person.
I Kamal Devi W/o Ramesh Kumar R/o Village Nangal have changed my name to Kamaljit Kaur.
I Gurpreet Singh S/o Balwinder Singh R/o Phagwara declare that my name is wrongly written in my passport.
I Harjit Kaur D/o Joginder Singh R/o Jalandhar have changed my name to Harjeet Kaur.
I Rajinder Pal S/o Mohan Lal R/o Kapurthala have changed my name to Rajinder Paul.
ਸੂਚਨਾ
